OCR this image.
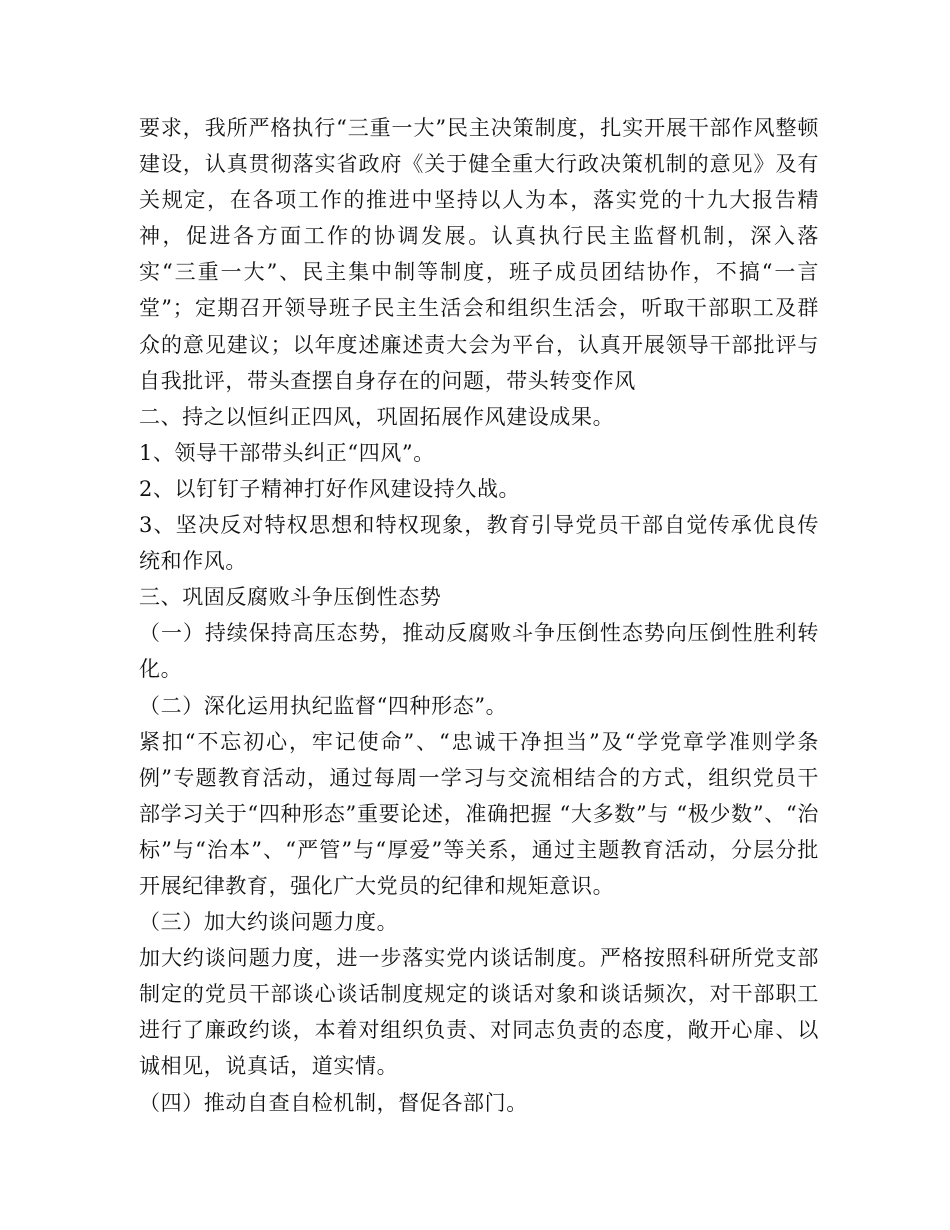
要求，我所严格执行“三重一大”民主决策制度，扎实开展干部作风整顿建设，认真贯彻落实省政府《关于健全重大行政决策机制的意见》及有关规定，在各项工作的推进中坚持以人为本，落实党的十九大报告精神，促进各方面工作的协调发展。认真执行民主监督机制，深入落实“三重一大”、民主集中制等制度，班子成员团结协作，不搞“一言堂”；定期召开领导班子民主生活会和组织生活会，听取干部职工及群众的意见建议；以年度述廉述责大会为平台，认真开展领导干部批评与自我批评，带头查摆自身存在的问题，带头转变作风

二、持之以恒纠正四风，巩固拓展作风建设成果。

1、领导干部带头纠正“四风”。

2、以钉钉子精神打好作风建设持久战。

3、坚决反对特权思想和特权现象，教育引导党员干部自觉传承优良传统和作风。

三、巩固反腐败斗争压倒性态势

（一）持续保持高压态势，推动反腐败斗争压倒性态势向压倒性胜利转化。

（二）深化运用执纪监督“四种形态”。

紧扣“不忘初心，牢记使命”、“忠诚干净担当”及“学党章学准则学条例”专题教育活动，通过每周一学习与交流相结合的方式，组织党员干部学习关于“四种形态”重要论述，准确把握 “大多数”与 “极少数”、“治标”与“治本”、“严管”与“厚爱”等关系，通过主题教育活动，分层分批开展纪律教育，强化广大党员的纪律和规矩意识。

（三）加大约谈问题力度。

加大约谈问题力度，进一步落实党内谈话制度。严格按照科研所党支部制定的党员干部谈心谈话制度规定的谈话对象和谈话频次，对干部职工进行了廉政约谈，本着对组织负责、对同志负责的态度，敞开心扉、以诚相见，说真话，道实情。

（四）推动自查自检机制，督促各部门。
